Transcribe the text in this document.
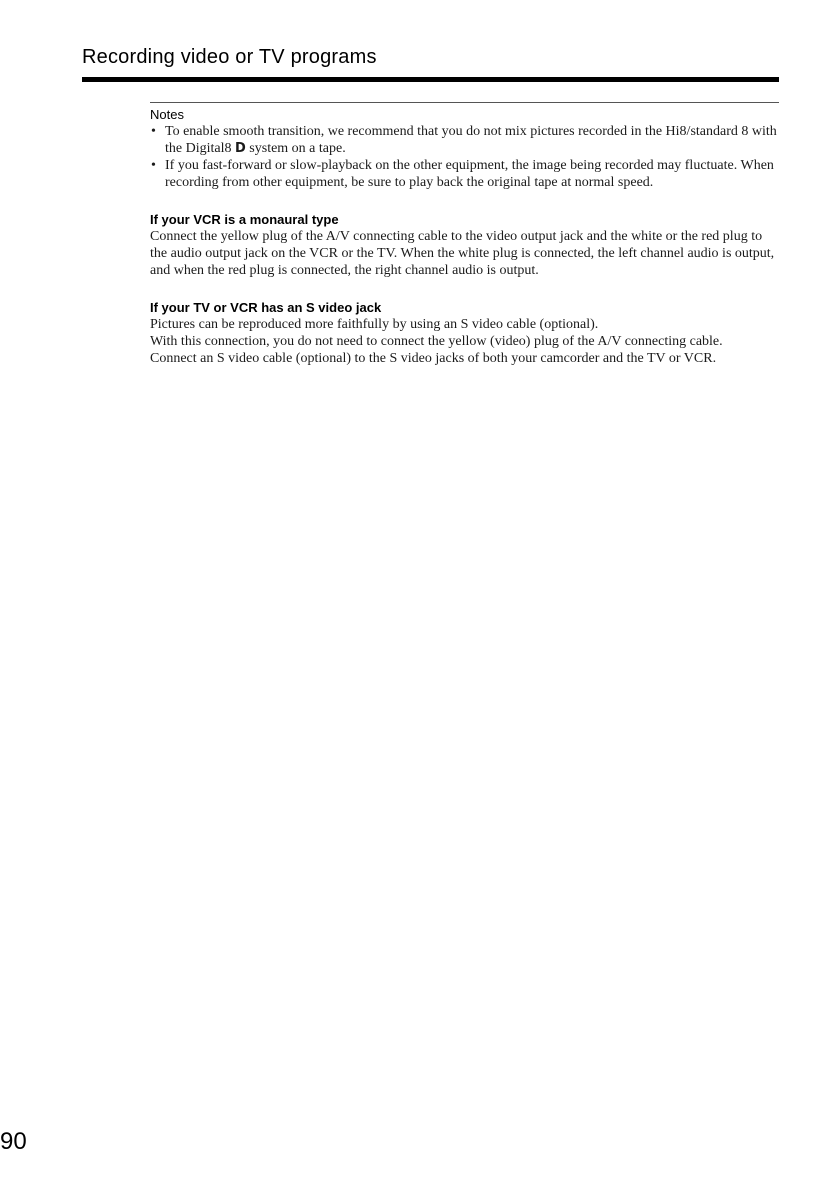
Recording video or TV programs

Notes

• To enable smooth transition, we recommend that you do not mix pictures recorded in the Hi8/standard 8 with the Digital8 D system on a tape.
• If you fast-forward or slow-playback on the other equipment, the image being recorded may fluctuate. When recording from other equipment, be sure to play back the original tape at normal speed.

If your VCR is a monaural type

Connect the yellow plug of the A/V connecting cable to the video output jack and the white or the red plug to the audio output jack on the VCR or the TV. When the white plug is connected, the left channel audio is output, and when the red plug is connected, the right channel audio is output.

If your TV or VCR has an S video jack

Pictures can be reproduced more faithfully by using an S video cable (optional).

With this connection, you do not need to connect the yellow (video) plug of the A/V connecting cable.

Connect an S video cable (optional) to the S video jacks of both your camcorder and the TV or VCR.

90
